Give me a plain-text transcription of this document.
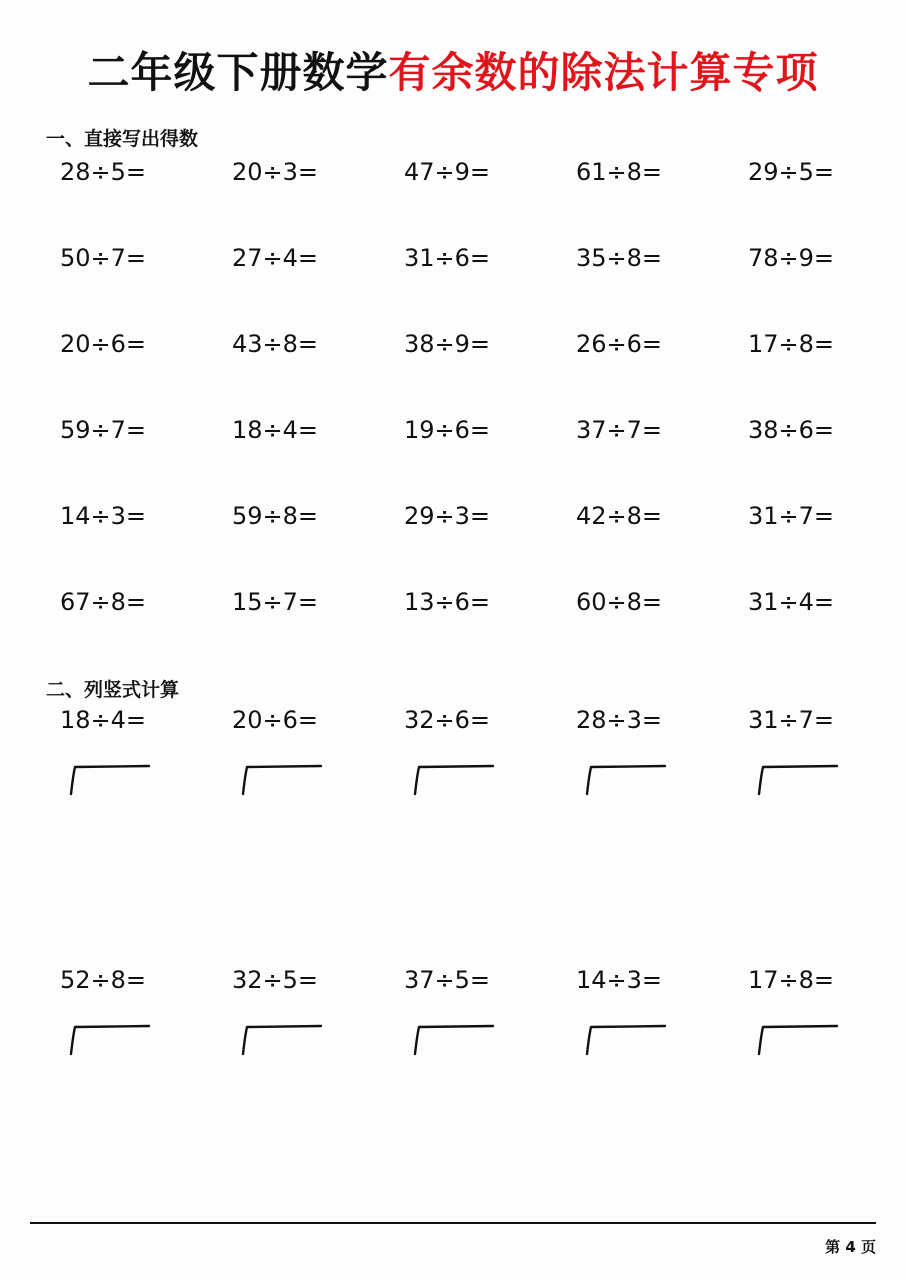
二年级下册数学有余数的除法计算专项
一、直接写出得数
28÷5=	20÷3=	47÷9=	61÷8=	29÷5=
50÷7=	27÷4=	31÷6=	35÷8=	78÷9=
20÷6=	43÷8=	38÷9=	26÷6=	17÷8=
59÷7=	18÷4=	19÷6=	37÷7=	38÷6=
14÷3=	59÷8=	29÷3=	42÷8=	31÷7=
67÷8=	15÷7=	13÷6=	60÷8=	31÷4=
二、列竖式计算
18÷4=	20÷6=	32÷6=	28÷3=	31÷7=
52÷8=	32÷5=	37÷5=	14÷3=	17÷8=
第 4 页
